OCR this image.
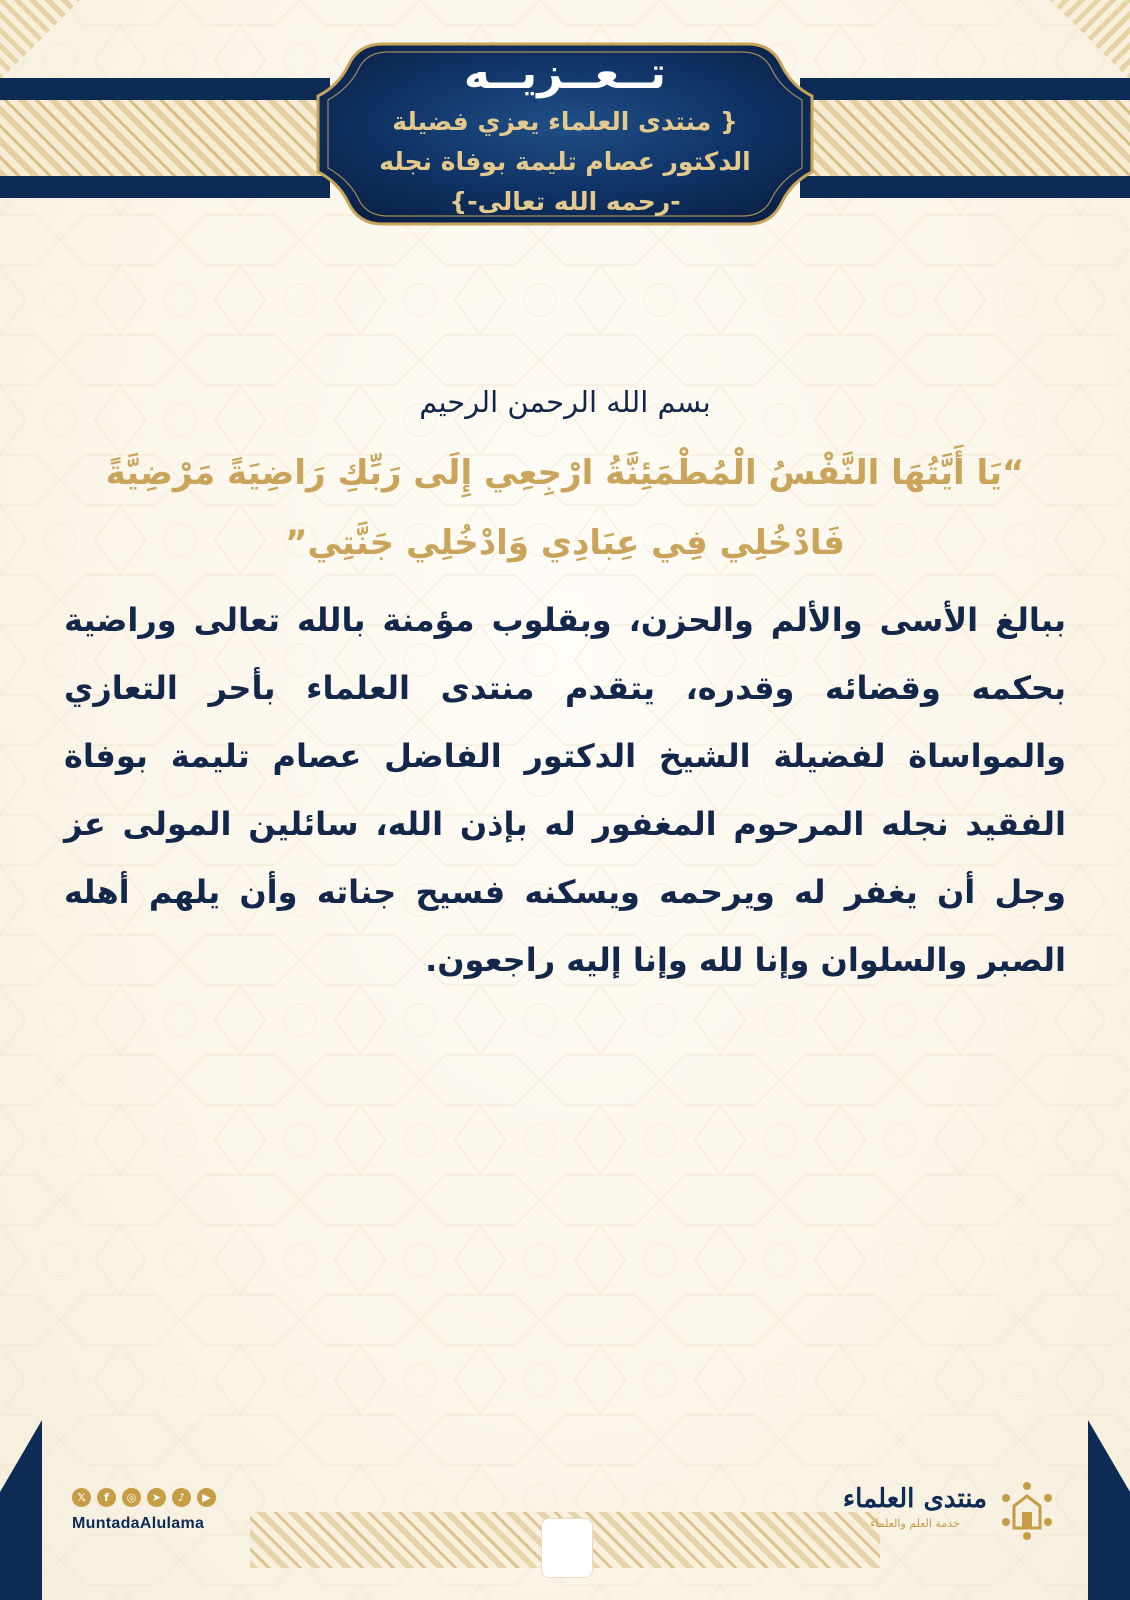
تــعــزيــه
{ منتدى العلماء يعزي فضيلة
الدكتور عصام تليمة بوفاة نجله
-رحمه الله تعالى-}
بسم الله الرحمن الرحيم
“يَا أَيَّتُهَا النَّفْسُ الْمُطْمَئِنَّةُ ارْجِعِي إِلَى رَبِّكِ رَاضِيَةً مَرْضِيَّةً فَادْخُلِي فِي عِبَادِي وَادْخُلِي جَنَّتِي”
ببالغ الأسى والألم والحزن، وبقلوب مؤمنة بالله تعالى وراضية بحكمه وقضائه وقدره، يتقدم منتدى العلماء بأحر التعازي والمواساة لفضيلة الشيخ الدكتور الفاضل عصام تليمة بوفاة الفقيد نجله المرحوم المغفور له بإذن الله، سائلين المولى عز وجل أن يغفر له ويرحمه ويسكنه فسيح جناته وأن يلهم أهله الصبر والسلوان وإنا لله وإنا إليه راجعون.
𝕏	f	◎	➤	♪	▶
MuntadaAlulama
منتدى العلماء
خدمة العلم والعلماء
